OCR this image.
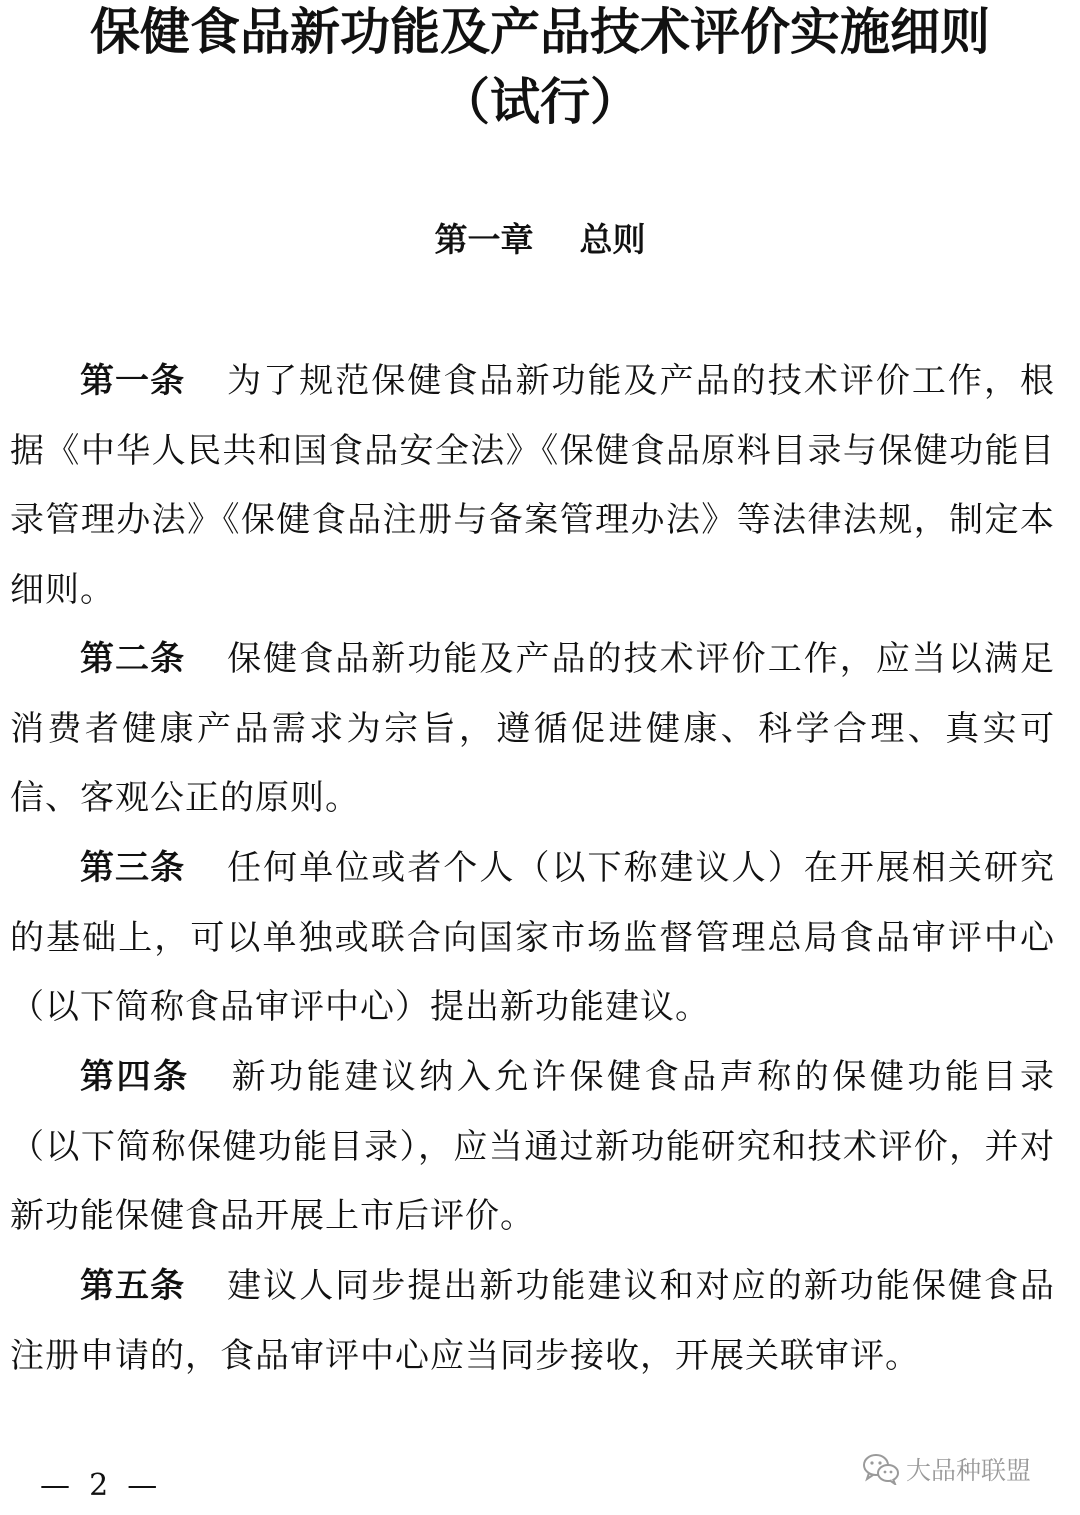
保健食品新功能及产品技术评价实施细则
（试行）
第一章    总则

第一条 为了规范保健食品新功能及产品的技术评价工作，根据《中华人民共和国食品安全法》《保健食品原料目录与保健功能目录管理办法》《保健食品注册与备案管理办法》等法律法规，制定本细则。

第二条 保健食品新功能及产品的技术评价工作，应当以满足消费者健康产品需求为宗旨，遵循促进健康、科学合理、真实可信、客观公正的原则。

第三条 任何单位或者个人（以下称建议人）在开展相关研究的基础上，可以单独或联合向国家市场监督管理总局食品审评中心（以下简称食品审评中心）提出新功能建议。

第四条 新功能建议纳入允许保健食品声称的保健功能目录（以下简称保健功能目录），应当通过新功能研究和技术评价，并对新功能保健食品开展上市后评价。

第五条 建议人同步提出新功能建议和对应的新功能保健食品注册申请的，食品审评中心应当同步接收，开展关联审评。

—  2  —	大品种联盟
